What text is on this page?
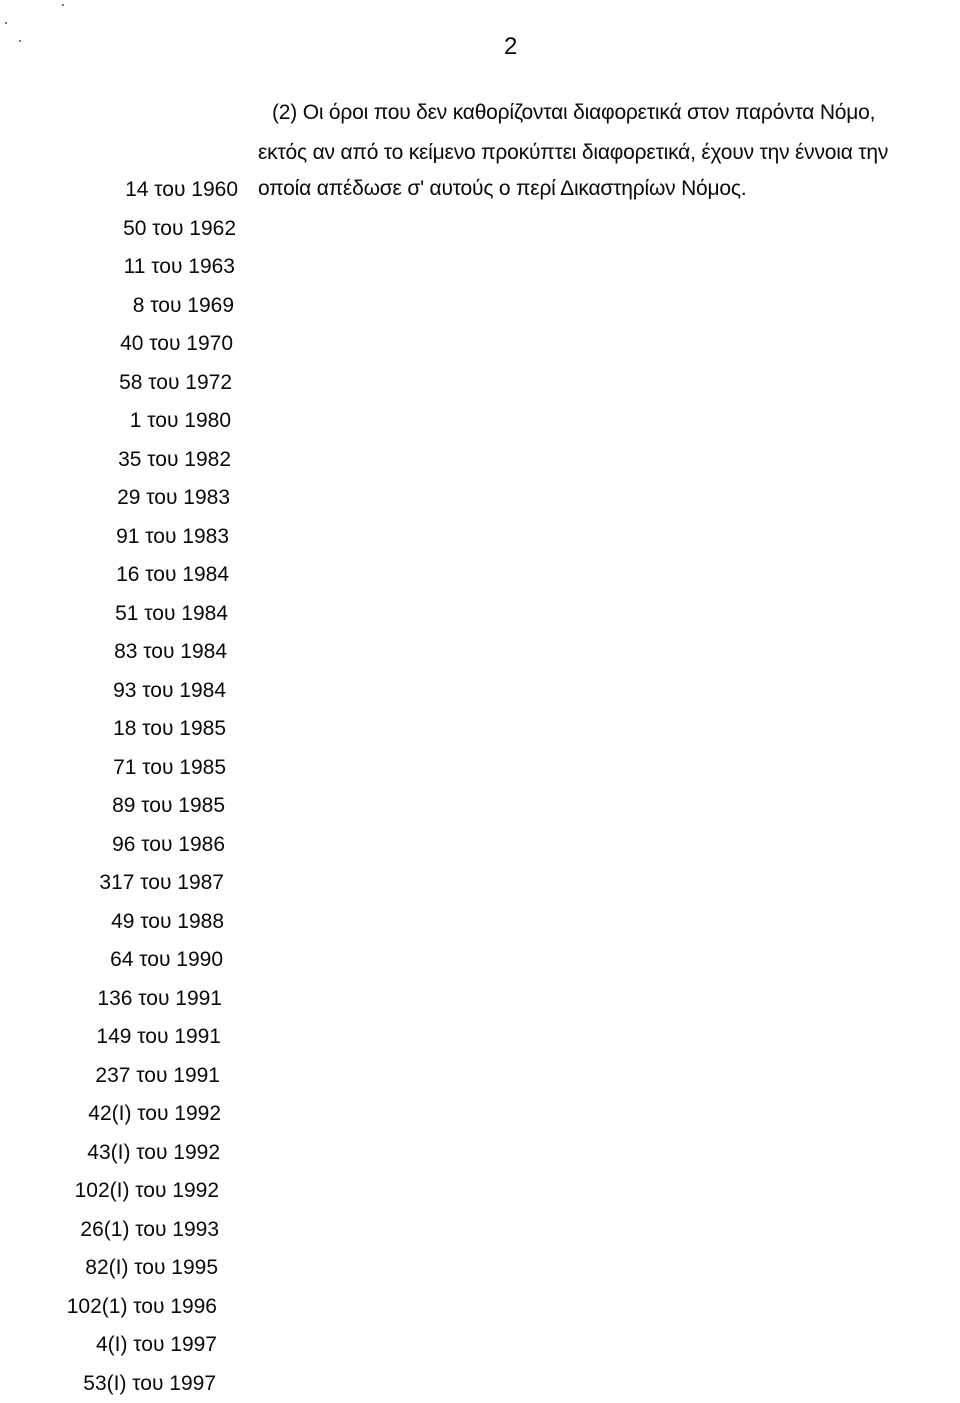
2
(2) Οι όροι που δεν καθορίζονται διαφορετικά στον παρόντα Νόμο,
εκτός αν από το κείμενο προκύπτει διαφορετικά, έχουν την έννοια την
οποία απέδωσε σ' αυτούς ο περί Δικαστηρίων Νόμος.
14 του 1960
50 του 1962
11 του 1963
8 του 1969
40 του 1970
58 του 1972
1 του 1980
35 του 1982
29 του 1983
91 του 1983
16 του 1984
51 του 1984
83 του 1984
93 του 1984
18 του 1985
71 του 1985
89 του 1985
96 του 1986
317 του 1987
49 του 1988
64 του 1990
136 του 1991
149 του 1991
237 του 1991
42(Ι) του 1992
43(Ι) του 1992
102(Ι) του 1992
26(1) του 1993
82(Ι) του 1995
102(1) του 1996
4(Ι) του 1997
53(Ι) του 1997
